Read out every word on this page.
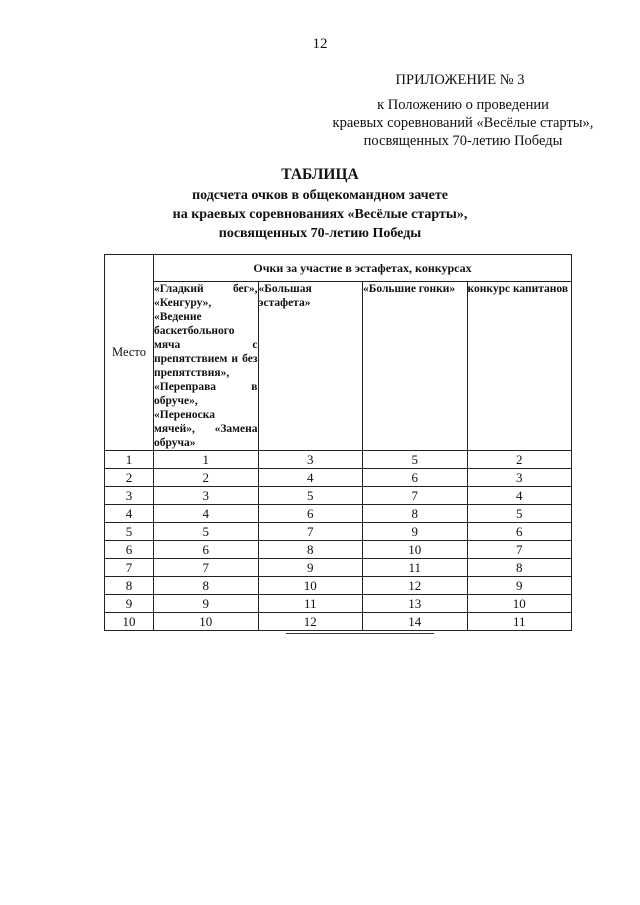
12
ПРИЛОЖЕНИЕ № 3
к Положению о проведении
краевых соревнований «Весёлые старты»,
посвященных 70-летию Победы
ТАБЛИЦА
подсчета очков в общекомандном зачете
на краевых соревнованиях «Весёлые старты»,
посвященных 70-летию Победы
Место	Очки за участие в эстафетах, конкурсах			
	«Гладкий бег», «Кенгуру», «Ведение баскетбольного мяча с препятствием и без препятствия», «Переправа в обруче», «Переноска мячей», «Замена обруча»	«Большая эстафета»	«Большие гонки»	конкурс капитанов
1	1	3	5	2
2	2	4	6	3
3	3	5	7	4
4	4	6	8	5
5	5	7	9	6
6	6	8	10	7
7	7	9	11	8
8	8	10	12	9
9	9	11	13	10
10	10	12	14	11
